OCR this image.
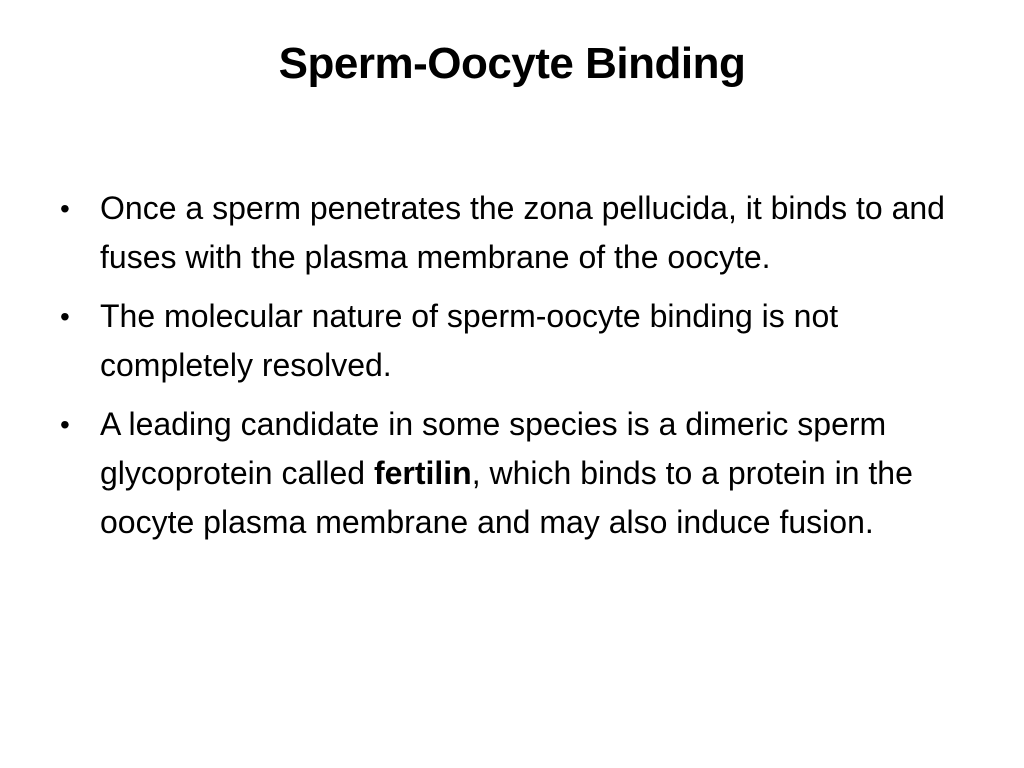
Sperm-Oocyte Binding
• Once a sperm penetrates the zona pellucida, it binds to and fuses with the plasma membrane of the oocyte.
• The molecular nature of sperm-oocyte binding is not completely resolved.
• A leading candidate in some species is a dimeric sperm glycoprotein called fertilin, which binds to a protein in the oocyte plasma membrane and may also induce fusion.
